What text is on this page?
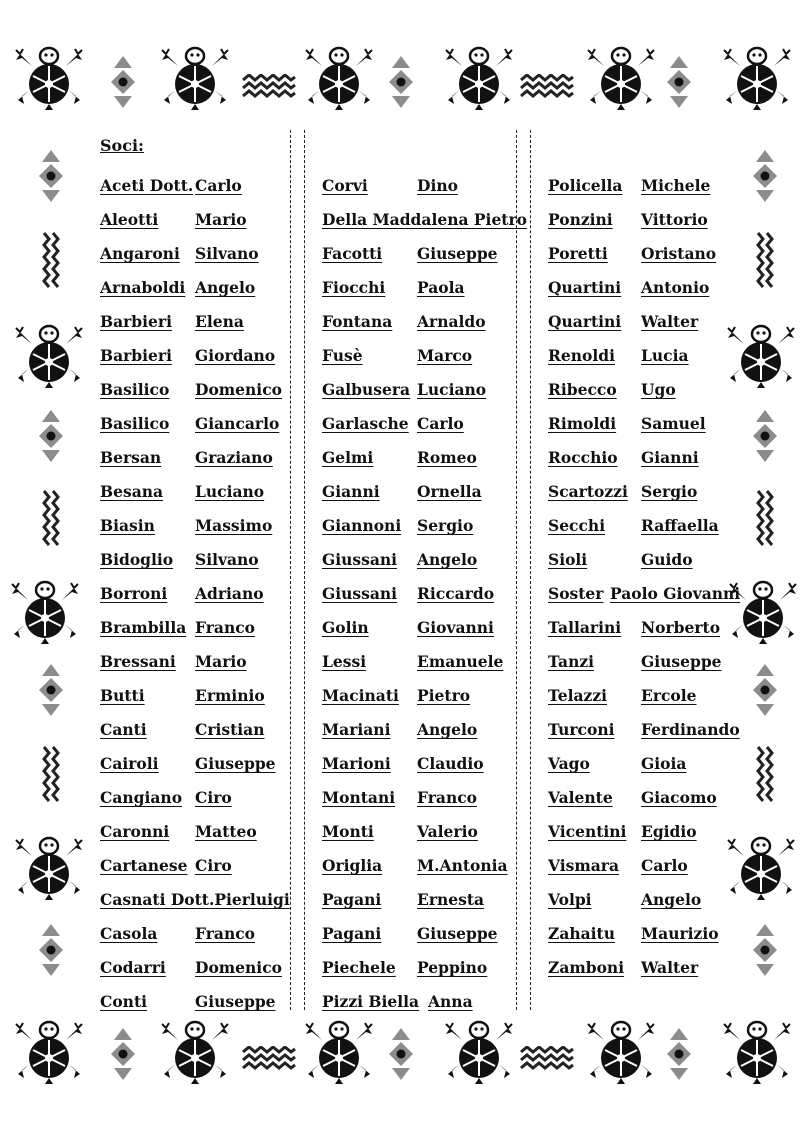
Soci:
Aceti Dott. Carlo
Aleotti Mario
Angaroni Silvano
Arnaboldi Angelo
Barbieri Elena
Barbieri Giordano
Basilico Domenico
Basilico Giancarlo
Bersan Graziano
Besana Luciano
Biasin	Massimo
Bidoglio Silvano
Borroni Adriano
Brambilla Franco
Bressani Mario
Butti	Erminio
Canti	Cristian
Cairoli Giuseppe
Cangiano Ciro
Caronni Matteo
Cartanese Ciro
Casnati Dott.Pierluigi
Casola Franco
Codarri Domenico
Conti	Giuseppe
Corvi	Dino
Della Maddalena Pietro
Facotti Giuseppe
Fiocchi Paola
Fontana Arnaldo
Fusè	Marco
Galbusera Luciano
Garlasche Carlo
Gelmi	Romeo
Gianni Ornella
Giannoni Sergio
Giussani Angelo
Giussani Riccardo
Golin	Giovanni
Lessi	Emanuele
Macinati Pietro
Mariani Angelo
Marioni Claudio
Montani Franco
Monti	Valerio
Origlia M.Antonia
Pagani Ernesta
Pagani Giuseppe
Piechele Peppino
Pizzi Biella Anna
Policella Michele
Ponzini Vittorio
Poretti Oristano
Quartini Antonio
Quartini Walter
Renoldi Lucia
Ribecco Ugo
Rimoldi Samuel
Rocchio Gianni
Scartozzi Sergio
Secchi Raffaella
Sioli	Guido
Soster Paolo Giovanni
Tallarini Norberto
Tanzi	Giuseppe
Telazzi Ercole
Turconi Ferdinando
Vago	Gioia
Valente Giacomo
Vicentini Egidio
Vismara Carlo
Volpi	Angelo
Zahaitu Maurizio
Zamboni Walter
